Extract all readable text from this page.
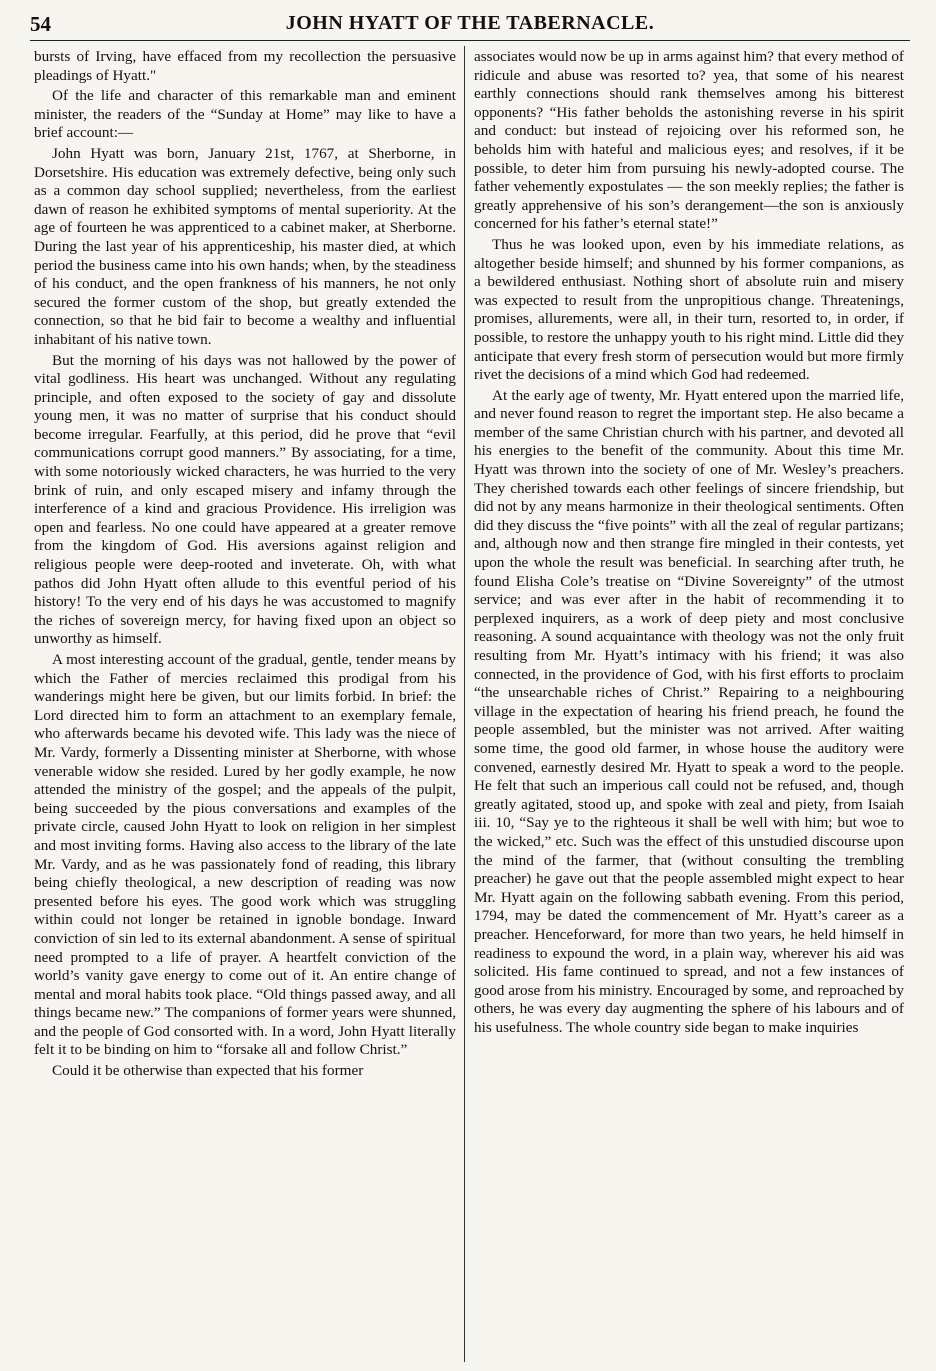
54	JOHN HYATT OF THE TABERNACLE.

bursts of Irving, have effaced from my recollection the persuasive pleadings of Hyatt."

Of the life and character of this remarkable man and eminent minister, the readers of the “Sunday at Home” may like to have a brief account:—

John Hyatt was born, January 21st, 1767, at Sherborne, in Dorsetshire. His education was extremely defective, being only such as a common day school supplied; nevertheless, from the earliest dawn of reason he exhibited symptoms of mental superiority. At the age of fourteen he was apprenticed to a cabinet maker, at Sherborne. During the last year of his apprenticeship, his master died, at which period the business came into his own hands; when, by the steadiness of his conduct, and the open frankness of his manners, he not only secured the former custom of the shop, but greatly extended the connection, so that he bid fair to become a wealthy and influential inhabitant of his native town.

But the morning of his days was not hallowed by the power of vital godliness. His heart was unchanged. Without any regulating principle, and often exposed to the society of gay and dissolute young men, it was no matter of surprise that his conduct should become irregular. Fearfully, at this period, did he prove that “evil communications corrupt good manners.” By associating, for a time, with some notoriously wicked characters, he was hurried to the very brink of ruin, and only escaped misery and infamy through the interference of a kind and gracious Providence. His irreligion was open and fearless. No one could have appeared at a greater remove from the kingdom of God. His aversions against religion and religious people were deep-rooted and inveterate. Oh, with what pathos did John Hyatt often allude to this eventful period of his history! To the very end of his days he was accustomed to magnify the riches of sovereign mercy, for having fixed upon an object so unworthy as himself.

A most interesting account of the gradual, gentle, tender means by which the Father of mercies reclaimed this prodigal from his wanderings might here be given, but our limits forbid. In brief: the Lord directed him to form an attachment to an exemplary female, who afterwards became his devoted wife. This lady was the niece of Mr. Vardy, formerly a Dissenting minister at Sherborne, with whose venerable widow she resided. Lured by her godly example, he now attended the ministry of the gospel; and the appeals of the pulpit, being succeeded by the pious conversations and examples of the private circle, caused John Hyatt to look on religion in her simplest and most inviting forms. Having also access to the library of the late Mr. Vardy, and as he was passionately fond of reading, this library being chiefly theological, a new description of reading was now presented before his eyes. The good work which was struggling within could not longer be retained in ignoble bondage. Inward conviction of sin led to its external abandonment. A sense of spiritual need prompted to a life of prayer. A heartfelt conviction of the world’s vanity gave energy to come out of it. An entire change of mental and moral habits took place. “Old things passed away, and all things became new.” The companions of former years were shunned, and the people of God consorted with. In a word, John Hyatt literally felt it to be binding on him to “forsake all and follow Christ.”

Could it be otherwise than expected that his former

associates would now be up in arms against him? that every method of ridicule and abuse was resorted to? yea, that some of his nearest earthly connections should rank themselves among his bitterest opponents? “His father beholds the astonishing reverse in his spirit and conduct: but instead of rejoicing over his reformed son, he beholds him with hateful and malicious eyes; and resolves, if it be possible, to deter him from pursuing his newly-adopted course. The father vehemently expostulates — the son meekly replies; the father is greatly apprehensive of his son’s derangement—the son is anxiously concerned for his father’s eternal state!”

Thus he was looked upon, even by his immediate relations, as altogether beside himself; and shunned by his former companions, as a bewildered enthusiast. Nothing short of absolute ruin and misery was expected to result from the unpropitious change. Threatenings, promises, allurements, were all, in their turn, resorted to, in order, if possible, to restore the unhappy youth to his right mind. Little did they anticipate that every fresh storm of persecution would but more firmly rivet the decisions of a mind which God had redeemed.

At the early age of twenty, Mr. Hyatt entered upon the married life, and never found reason to regret the important step. He also became a member of the same Christian church with his partner, and devoted all his energies to the benefit of the community. About this time Mr. Hyatt was thrown into the society of one of Mr. Wesley’s preachers. They cherished towards each other feelings of sincere friendship, but did not by any means harmonize in their theological sentiments. Often did they discuss the “five points” with all the zeal of regular partizans; and, although now and then strange fire mingled in their contests, yet upon the whole the result was beneficial. In searching after truth, he found Elisha Cole’s treatise on “Divine Sovereignty” of the utmost service; and was ever after in the habit of recommending it to perplexed inquirers, as a work of deep piety and most conclusive reasoning. A sound acquaintance with theology was not the only fruit resulting from Mr. Hyatt’s intimacy with his friend; it was also connected, in the providence of God, with his first efforts to proclaim “the unsearchable riches of Christ.” Repairing to a neighbouring village in the expectation of hearing his friend preach, he found the people assembled, but the minister was not arrived. After waiting some time, the good old farmer, in whose house the auditory were convened, earnestly desired Mr. Hyatt to speak a word to the people. He felt that such an imperious call could not be refused, and, though greatly agitated, stood up, and spoke with zeal and piety, from Isaiah iii. 10, “Say ye to the righteous it shall be well with him; but woe to the wicked,” etc. Such was the effect of this unstudied discourse upon the mind of the farmer, that (without consulting the trembling preacher) he gave out that the people assembled might expect to hear Mr. Hyatt again on the following sabbath evening. From this period, 1794, may be dated the commencement of Mr. Hyatt’s career as a preacher. Henceforward, for more than two years, he held himself in readiness to expound the word, in a plain way, wherever his aid was solicited. His fame continued to spread, and not a few instances of good arose from his ministry. Encouraged by some, and reproached by others, he was every day augmenting the sphere of his labours and of his usefulness. The whole country side began to make inquiries
